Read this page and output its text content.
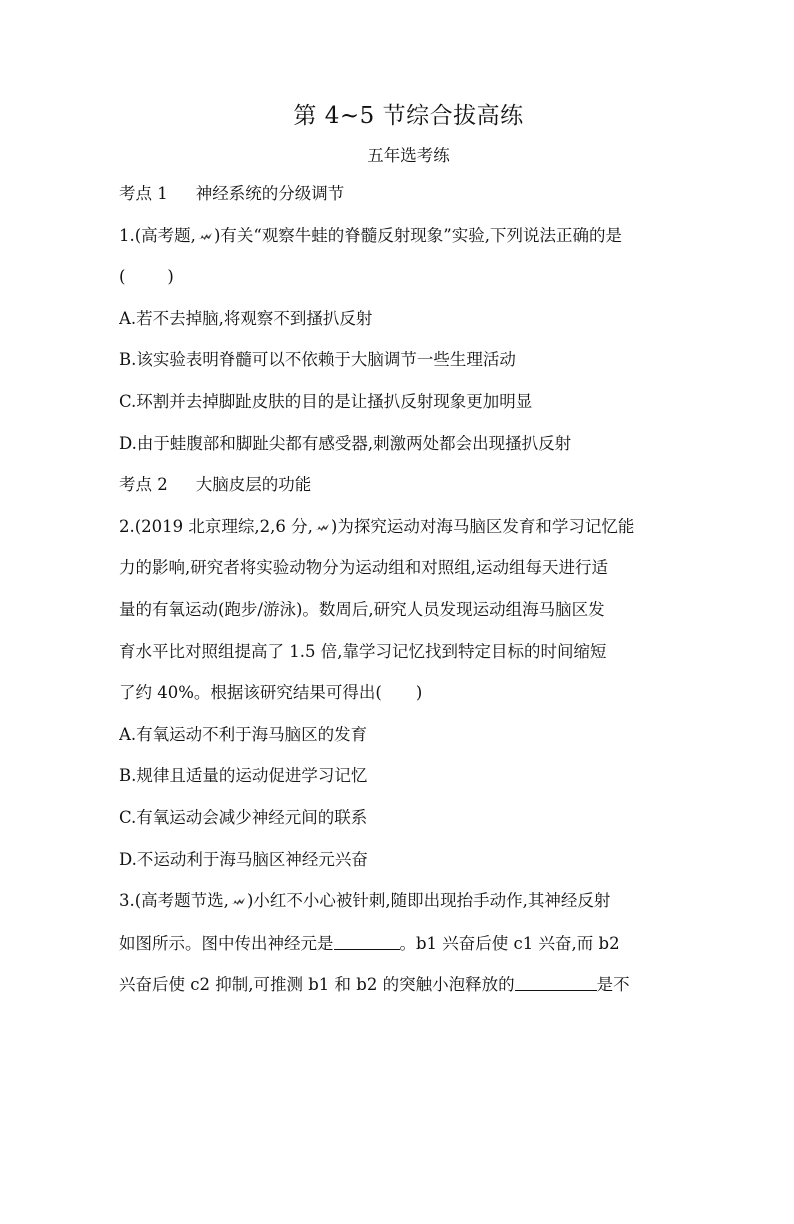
第 4~5 节综合拔高练
五年选考练
考点 1 神经系统的分级调节
1.(高考题, )有关“观察牛蛙的脊髓反射现象”实验,下列说法正确的是
(        )
A.若不去掉脑,将观察不到搔扒反射
B.该实验表明脊髓可以不依赖于大脑调节一些生理活动
C.环割并去掉脚趾皮肤的目的是让搔扒反射现象更加明显
D.由于蛙腹部和脚趾尖都有感受器,刺激两处都会出现搔扒反射
考点 2 大脑皮层的功能
2.(2019 北京理综,2,6 分, )为探究运动对海马脑区发育和学习记忆能
力的影响,研究者将实验动物分为运动组和对照组,运动组每天进行适
量的有氧运动(跑步/游泳)。数周后,研究人员发现运动组海马脑区发
育水平比对照组提高了 1.5 倍,靠学习记忆找到特定目标的时间缩短
了约 40%。根据该研究结果可得出( )
A.有氧运动不利于海马脑区的发育
B.规律且适量的运动促进学习记忆
C.有氧运动会减少神经元间的联系
D.不运动利于海马脑区神经元兴奋
3.(高考题节选, )小红不小心被针刺,随即出现抬手动作,其神经反射
如图所示。图中传出神经元是	。b1 兴奋后使 c1 兴奋,而 b2
兴奋后使 c2 抑制,可推测 b1 和 b2 的突触小泡释放的	是不
